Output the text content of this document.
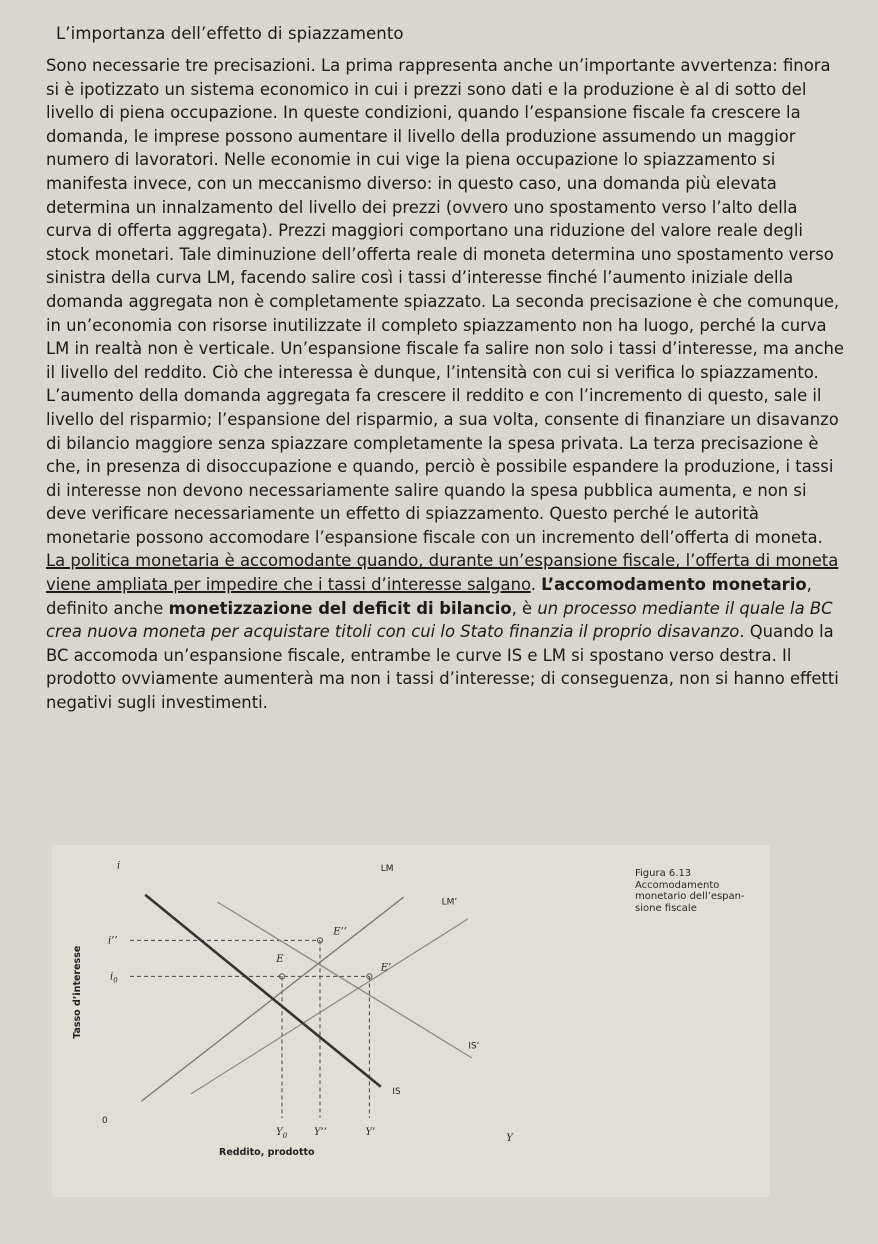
L’importanza dell’effetto di spiazzamento

Sono necessarie tre precisazioni. La prima rappresenta anche un’importante avvertenza: finora si è ipotizzato un sistema economico in cui i prezzi sono dati e la produzione è al di sotto del livello di piena occupazione. In queste condizioni, quando l’espansione fiscale fa crescere la domanda, le imprese possono aumentare il livello della produzione assumendo un maggior numero di lavoratori. Nelle economie in cui vige la piena occupazione lo spiazzamento si manifesta invece, con un meccanismo diverso: in questo caso, una domanda più elevata determina un innalzamento del livello dei prezzi (ovvero uno spostamento verso l’alto della curva di offerta aggregata). Prezzi maggiori comportano una riduzione del valore reale degli stock monetari. Tale diminuzione dell’offerta reale di moneta determina uno spostamento verso sinistra della curva LM, facendo salire così i tassi d’interesse finché l’aumento iniziale della domanda aggregata non è completamente spiazzato. La seconda precisazione è che comunque, in un’economia con risorse inutilizzate il completo spiazzamento non ha luogo, perché la curva LM in realtà non è verticale. Un’espansione fiscale fa salire non solo i tassi d’interesse, ma anche il livello del reddito. Ciò che interessa è dunque, l’intensità con cui si verifica lo spiazzamento. L’aumento della domanda aggregata fa crescere il reddito e con l’incremento di questo, sale il livello del risparmio; l’espansione del risparmio, a sua volta, consente di finanziare un disavanzo di bilancio maggiore senza spiazzare completamente la spesa privata. La terza precisazione è che, in presenza di disoccupazione e quando, perciò è possibile espandere la produzione, i tassi di interesse non devono necessariamente salire quando la spesa pubblica aumenta, e non si deve verificare necessariamente un effetto di spiazzamento. Questo perché le autorità monetarie possono accomodare l’espansione fiscale con un incremento dell’offerta di moneta. La politica monetaria è accomodante quando, durante un’espansione fiscale, l’offerta di moneta viene ampliata per impedire che i tassi d’interesse salgano. L’accomodamento monetario, definito anche monetizzazione del deficit di bilancio, è un processo mediante il quale la BC crea nuova moneta per acquistare titoli con cui lo Stato finanzia il proprio disavanzo. Quando la BC accomoda un’espansione fiscale, entrambe le curve IS e LM si spostano verso destra. Il prodotto ovviamente aumenterà ma non i tassi d’interesse; di conseguenza, non si hanno effetti negativi sugli investimenti.

0
Y
i
Reddito, prodotto
Tasso d’interesse
LM
LM’
IS
IS’
E
E’
E’’
$i_0$
i’’
$Y_0$	Y’’	Y’
Figura 6.13
Accomodamento
monetario dell’espan-
sione fiscale
